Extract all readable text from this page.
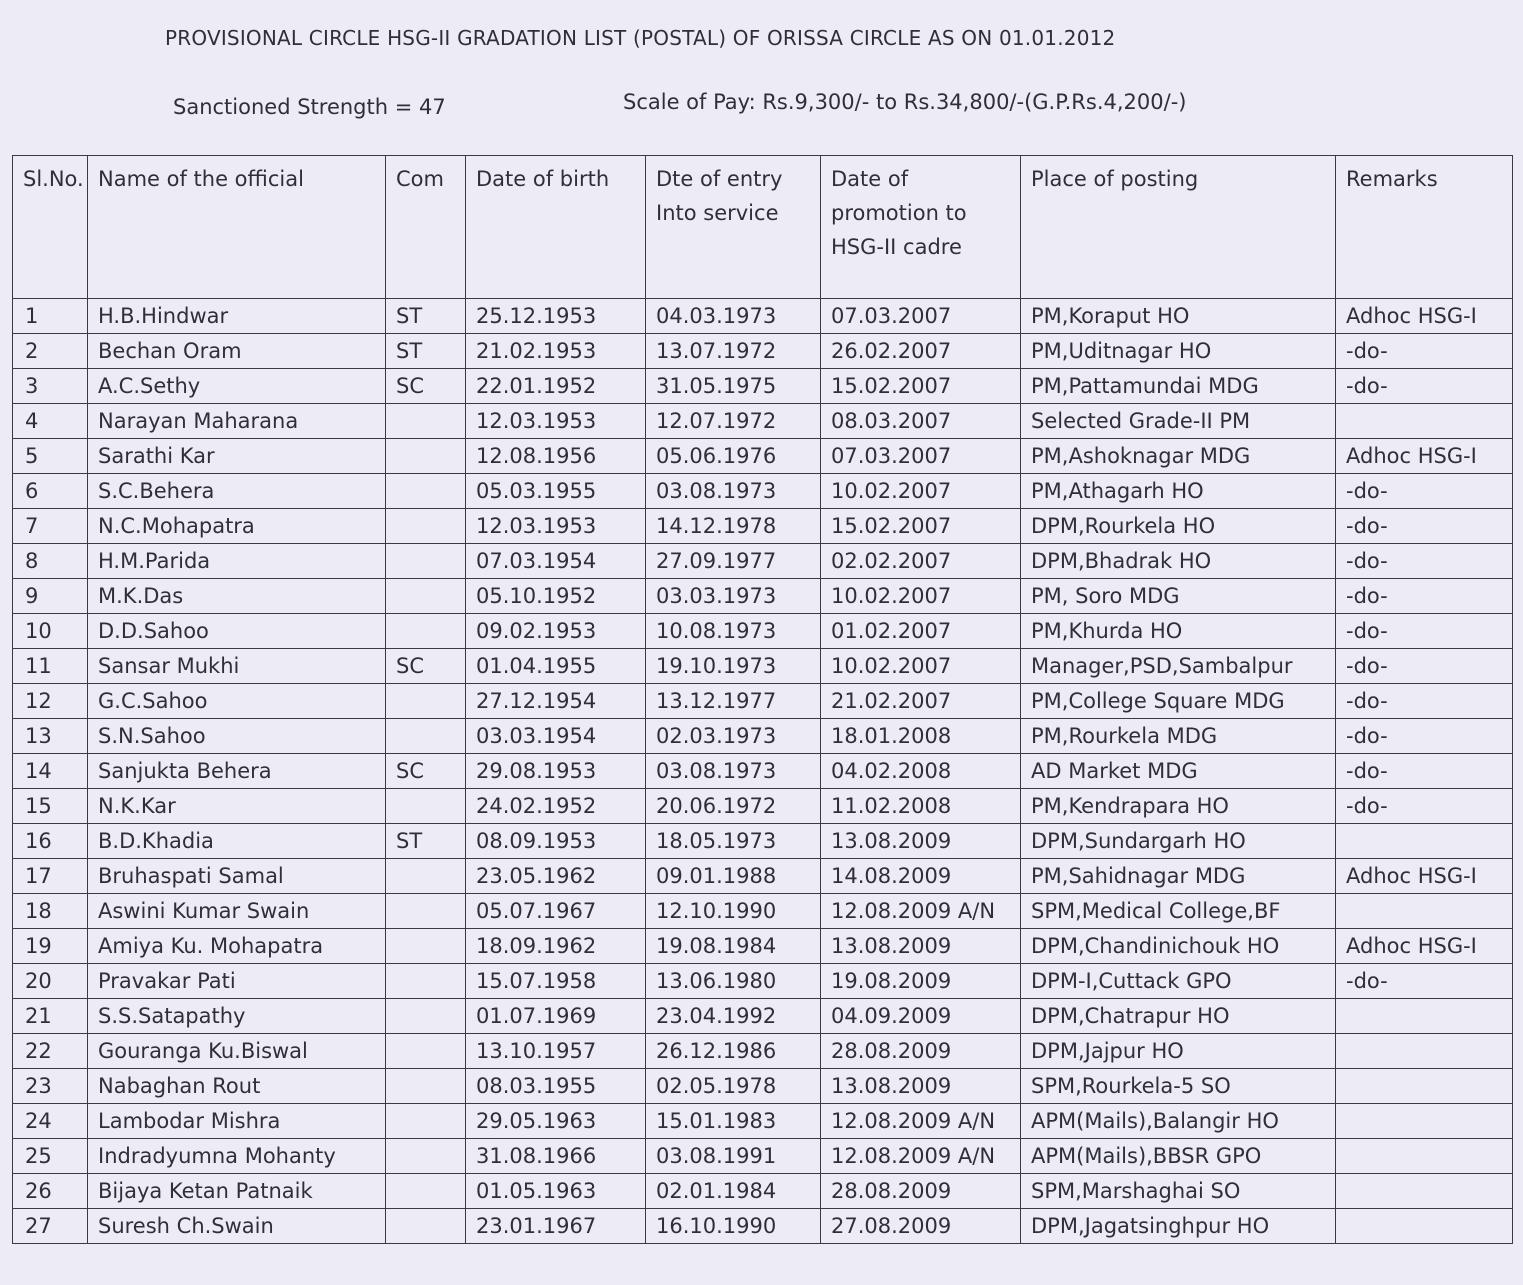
PROVISIONAL CIRCLE HSG-II GRADATION LIST (POSTAL) OF ORISSA CIRCLE AS ON 01.01.2012
Sanctioned Strength = 47	Scale of Pay: Rs.9,300/- to Rs.34,800/-(G.P.Rs.4,200/-)
Sl.No.	Name of the official	Com	Date of birth	Dte of entry Into service	Date of promotion to HSG-II cadre	Place of posting	Remarks
1	H.B.Hindwar	ST	25.12.1953	04.03.1973	07.03.2007	PM,Koraput HO	Adhoc HSG-I
2	Bechan Oram	ST	21.02.1953	13.07.1972	26.02.2007	PM,Uditnagar HO	-do-
3	A.C.Sethy	SC	22.01.1952	31.05.1975	15.02.2007	PM,Pattamundai MDG	-do-
4	Narayan Maharana		12.03.1953	12.07.1972	08.03.2007	Selected Grade-II PM	
5	Sarathi Kar		12.08.1956	05.06.1976	07.03.2007	PM,Ashoknagar MDG	Adhoc HSG-I
6	S.C.Behera		05.03.1955	03.08.1973	10.02.2007	PM,Athagarh HO	-do-
7	N.C.Mohapatra		12.03.1953	14.12.1978	15.02.2007	DPM,Rourkela HO	-do-
8	H.M.Parida		07.03.1954	27.09.1977	02.02.2007	DPM,Bhadrak HO	-do-
9	M.K.Das		05.10.1952	03.03.1973	10.02.2007	PM, Soro MDG	-do-
10	D.D.Sahoo		09.02.1953	10.08.1973	01.02.2007	PM,Khurda HO	-do-
11	Sansar Mukhi	SC	01.04.1955	19.10.1973	10.02.2007	Manager,PSD,Sambalpur	-do-
12	G.C.Sahoo		27.12.1954	13.12.1977	21.02.2007	PM,College Square MDG	-do-
13	S.N.Sahoo		03.03.1954	02.03.1973	18.01.2008	PM,Rourkela MDG	-do-
14	Sanjukta Behera	SC	29.08.1953	03.08.1973	04.02.2008	AD Market MDG	-do-
15	N.K.Kar		24.02.1952	20.06.1972	11.02.2008	PM,Kendrapara HO	-do-
16	B.D.Khadia	ST	08.09.1953	18.05.1973	13.08.2009	DPM,Sundargarh HO	
17	Bruhaspati Samal		23.05.1962	09.01.1988	14.08.2009	PM,Sahidnagar MDG	Adhoc HSG-I
18	Aswini Kumar Swain		05.07.1967	12.10.1990	12.08.2009 A/N	SPM,Medical College,BF	
19	Amiya Ku. Mohapatra		18.09.1962	19.08.1984	13.08.2009	DPM,Chandinichouk HO	Adhoc HSG-I
20	Pravakar Pati		15.07.1958	13.06.1980	19.08.2009	DPM-I,Cuttack GPO	-do-
21	S.S.Satapathy		01.07.1969	23.04.1992	04.09.2009	DPM,Chatrapur HO	
22	Gouranga Ku.Biswal		13.10.1957	26.12.1986	28.08.2009	DPM,Jajpur HO	
23	Nabaghan Rout		08.03.1955	02.05.1978	13.08.2009	SPM,Rourkela-5 SO	
24	Lambodar Mishra		29.05.1963	15.01.1983	12.08.2009 A/N	APM(Mails),Balangir HO	
25	Indradyumna Mohanty		31.08.1966	03.08.1991	12.08.2009 A/N	APM(Mails),BBSR GPO	
26	Bijaya Ketan Patnaik		01.05.1963	02.01.1984	28.08.2009	SPM,Marshaghai SO	
27	Suresh Ch.Swain		23.01.1967	16.10.1990	27.08.2009	DPM,Jagatsinghpur HO	
